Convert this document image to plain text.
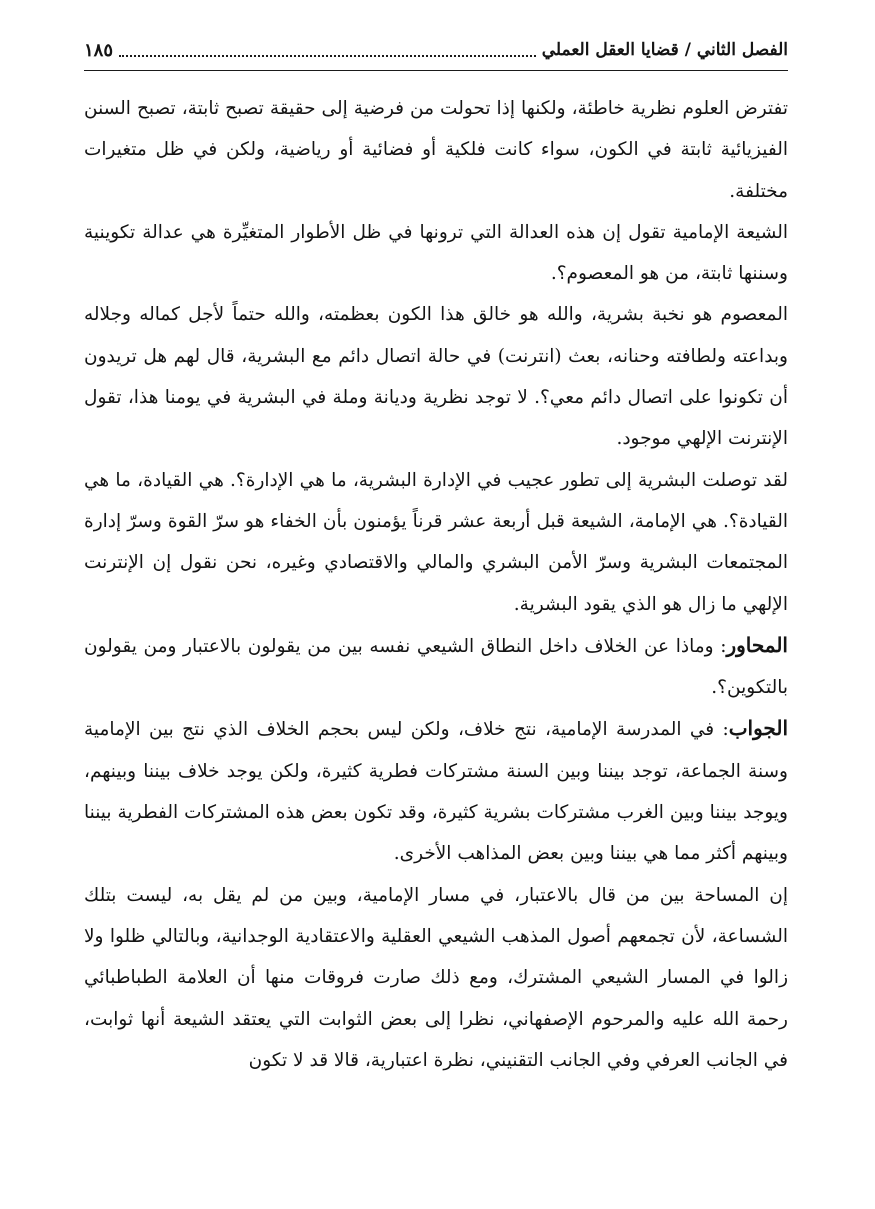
الفصل الثاني / قضايا العقل العملي
١٨٥

تفترض العلوم نظرية خاطئة، ولكنها إذا تحولت من فرضية إلى حقيقة تصبح ثابتة، تصبح السنن الفيزيائية ثابتة في الكون، سواء كانت فلكية أو فضائية أو رياضية، ولكن في ظل متغيرات مختلفة.

الشيعة الإمامية تقول إن هذه العدالة التي ترونها في ظل الأطوار المتغيِّرة هي عدالة تكوينية وسننها ثابتة، من هو المعصوم؟.

المعصوم هو نخبة بشرية، والله هو خالق هذا الكون بعظمته، والله حتماً لأجل كماله وجلاله وبداعته ولطافته وحنانه، بعث (انترنت) في حالة اتصال دائم مع البشرية، قال لهم هل تريدون أن تكونوا على اتصال دائم معي؟. لا توجد نظرية وديانة وملة في البشرية في يومنا هذا، تقول الإنترنت الإلهي موجود.

لقد توصلت البشرية إلى تطور عجيب في الإدارة البشرية، ما هي الإدارة؟. هي القيادة، ما هي القيادة؟. هي الإمامة، الشيعة قبل أربعة عشر قرناً يؤمنون بأن الخفاء هو سرّ القوة وسرّ إدارة المجتمعات البشرية وسرّ الأمن البشري والمالي والاقتصادي وغيره، نحن نقول إن الإنترنت الإلهي ما زال هو الذي يقود البشرية.

المحاور: وماذا عن الخلاف داخل النطاق الشيعي نفسه بين من يقولون بالاعتبار ومن يقولون بالتكوين؟.

الجواب: في المدرسة الإمامية، نتج خلاف، ولكن ليس بحجم الخلاف الذي نتج بين الإمامية وسنة الجماعة، توجد بيننا وبين السنة مشتركات فطرية كثيرة، ولكن يوجد خلاف بيننا وبينهم، ويوجد بيننا وبين الغرب مشتركات بشرية كثيرة، وقد تكون بعض هذه المشتركات الفطرية بيننا وبينهم أكثر مما هي بيننا وبين بعض المذاهب الأخرى.

إن المساحة بين من قال بالاعتبار، في مسار الإمامية، وبين من لم يقل به، ليست بتلك الشساعة، لأن تجمعهم أصول المذهب الشيعي العقلية والاعتقادية الوجدانية، وبالتالي ظلوا ولا زالوا في المسار الشيعي المشترك، ومع ذلك صارت فروقات منها أن العلامة الطباطبائي رحمة الله عليه والمرحوم الإصفهاني، نظرا إلى بعض الثوابت التي يعتقد الشيعة أنها ثوابت، في الجانب العرفي وفي الجانب التقنيني، نظرة اعتبارية، قالا قد لا تكون
